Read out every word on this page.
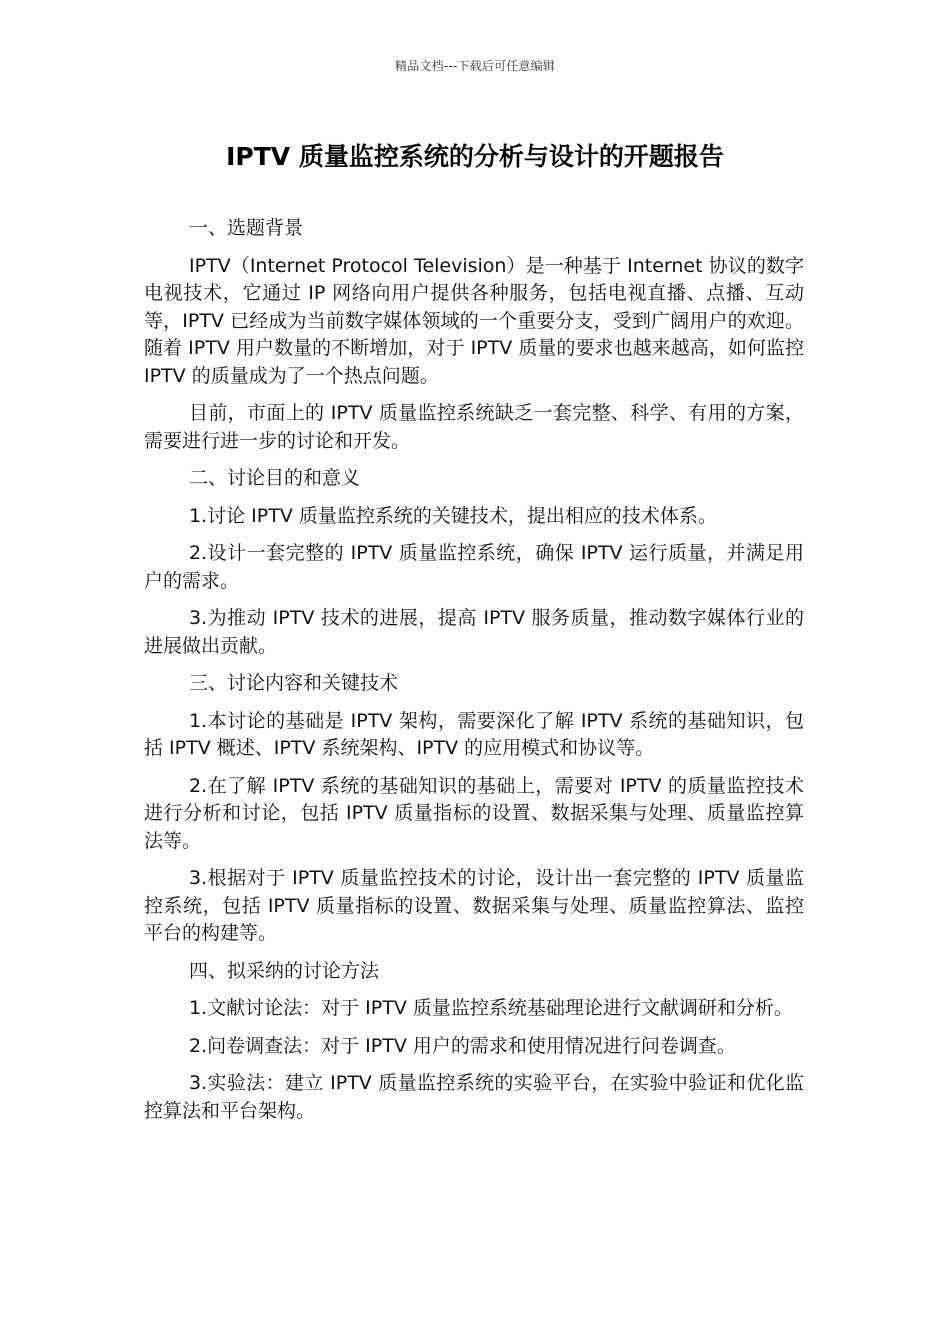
精品文档---下载后可任意编辑
IPTV 质量监控系统的分析与设计的开题报告

一、选题背景

IPTV（Internet Protocol Television）是一种基于 Internet 协议的数字电视技术，它通过 IP 网络向用户提供各种服务，包括电视直播、点播、互动等，IPTV 已经成为当前数字媒体领域的一个重要分支，受到广阔用户的欢迎。随着 IPTV 用户数量的不断增加，对于 IPTV 质量的要求也越来越高，如何监控 IPTV 的质量成为了一个热点问题。

目前，市面上的 IPTV 质量监控系统缺乏一套完整、科学、有用的方案，需要进行进一步的讨论和开发。

二、讨论目的和意义

1.讨论 IPTV 质量监控系统的关键技术，提出相应的技术体系。

2.设计一套完整的 IPTV 质量监控系统，确保 IPTV 运行质量，并满足用户的需求。

3.为推动 IPTV 技术的进展，提高 IPTV 服务质量，推动数字媒体行业的进展做出贡献。

三、讨论内容和关键技术

1.本讨论的基础是 IPTV 架构，需要深化了解 IPTV 系统的基础知识，包括 IPTV 概述、IPTV 系统架构、IPTV 的应用模式和协议等。

2.在了解 IPTV 系统的基础知识的基础上，需要对 IPTV 的质量监控技术进行分析和讨论，包括 IPTV 质量指标的设置、数据采集与处理、质量监控算法等。

3.根据对于 IPTV 质量监控技术的讨论，设计出一套完整的 IPTV 质量监控系统，包括 IPTV 质量指标的设置、数据采集与处理、质量监控算法、监控平台的构建等。

四、拟采纳的讨论方法

1.文献讨论法：对于 IPTV 质量监控系统基础理论进行文献调研和分析。

2.问卷调查法：对于 IPTV 用户的需求和使用情况进行问卷调查。

3.实验法：建立 IPTV 质量监控系统的实验平台，在实验中验证和优化监控算法和平台架构。
